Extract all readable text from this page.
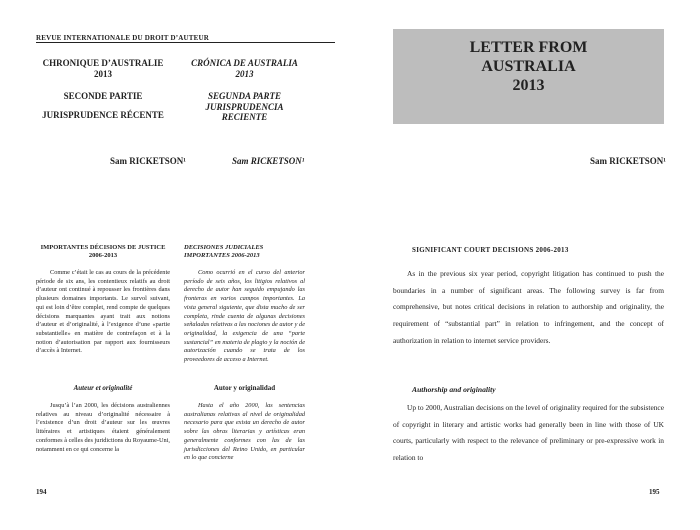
REVUE INTERNATIONALE DU DROIT D’AUTEUR
CHRONIQUE D’AUSTRALIE
2013
SECONDE PARTIE
JURISPRUDENCE RÉCENTE
Sam RICKETSON¹
IMPORTANTES DÉCISIONS DE JUSTICE 2006-2013

Comme c’était le cas au cours de la précédente période de six ans, les contentieux relatifs au droit d’auteur ont continué à repousser les frontières dans plusieurs domaines importants. Le survol suivant, qui est loin d’être complet, rend compte de quelques décisions marquantes ayant trait aux notions d’auteur et d’originalité, à l’exigence d’une «partie substantielle» en matière de contrefaçon et à la notion d’autorisation par rapport aux fournisseurs d’accès à Internet.

Auteur et originalité

Jusqu’à l’an 2000, les décisions australiennes relatives au niveau d’originalité nécessaire à l’existence d’un droit d’auteur sur les œuvres littéraires et artistiques étaient généralement conformes à celles des juridictions du Royaume-Uni, notamment en ce qui concerne la

CRÓNICA DE AUSTRALIA
2013
SEGUNDA PARTE
JURISPRUDENCIA RECIENTE
Sam RICKETSON¹
DECISIONES JUDICIALES IMPORTANTES 2006-2013

Como ocurrió en el curso del anterior período de seis años, los litigios relativos al derecho de autor han seguido empujando las fronteras en varios campos importantes. La vista general siguiente, que dista mucho de ser completa, rinde cuenta de algunas decisiones señaladas relativas a las nociones de autor y de originalidad, la exigencia de una “parte sustancial” en materia de plagio y la noción de autorización cuando se trata de los proveedores de acceso a Internet.

Autor y originalidad

Hasta el año 2000, las sentencias australianas relativas al nivel de originalidad necesario para que exista un derecho de autor sobre las obras literarias y artísticas eran generalmente conformes con las de las jurisdicciones del Reino Unido, en particular en lo que concierne

194
LETTER FROM
AUSTRALIA
2013
Sam RICKETSON¹
SIGNIFICANT COURT DECISIONS 2006-2013

As in the previous six year period, copyright litigation has continued to push the boundaries in a number of significant areas. The following survey is far from comprehensive, but notes critical decisions in relation to authorship and originality, the requirement of “substantial part” in relation to infringement, and the concept of authorization in relation to internet service providers.

Authorship and originality

Up to 2000, Australian decisions on the level of originality required for the subsistence of copyright in literary and artistic works had generally been in line with those of UK courts, particularly with respect to the relevance of preliminary or pre-expressive work in relation to

195
